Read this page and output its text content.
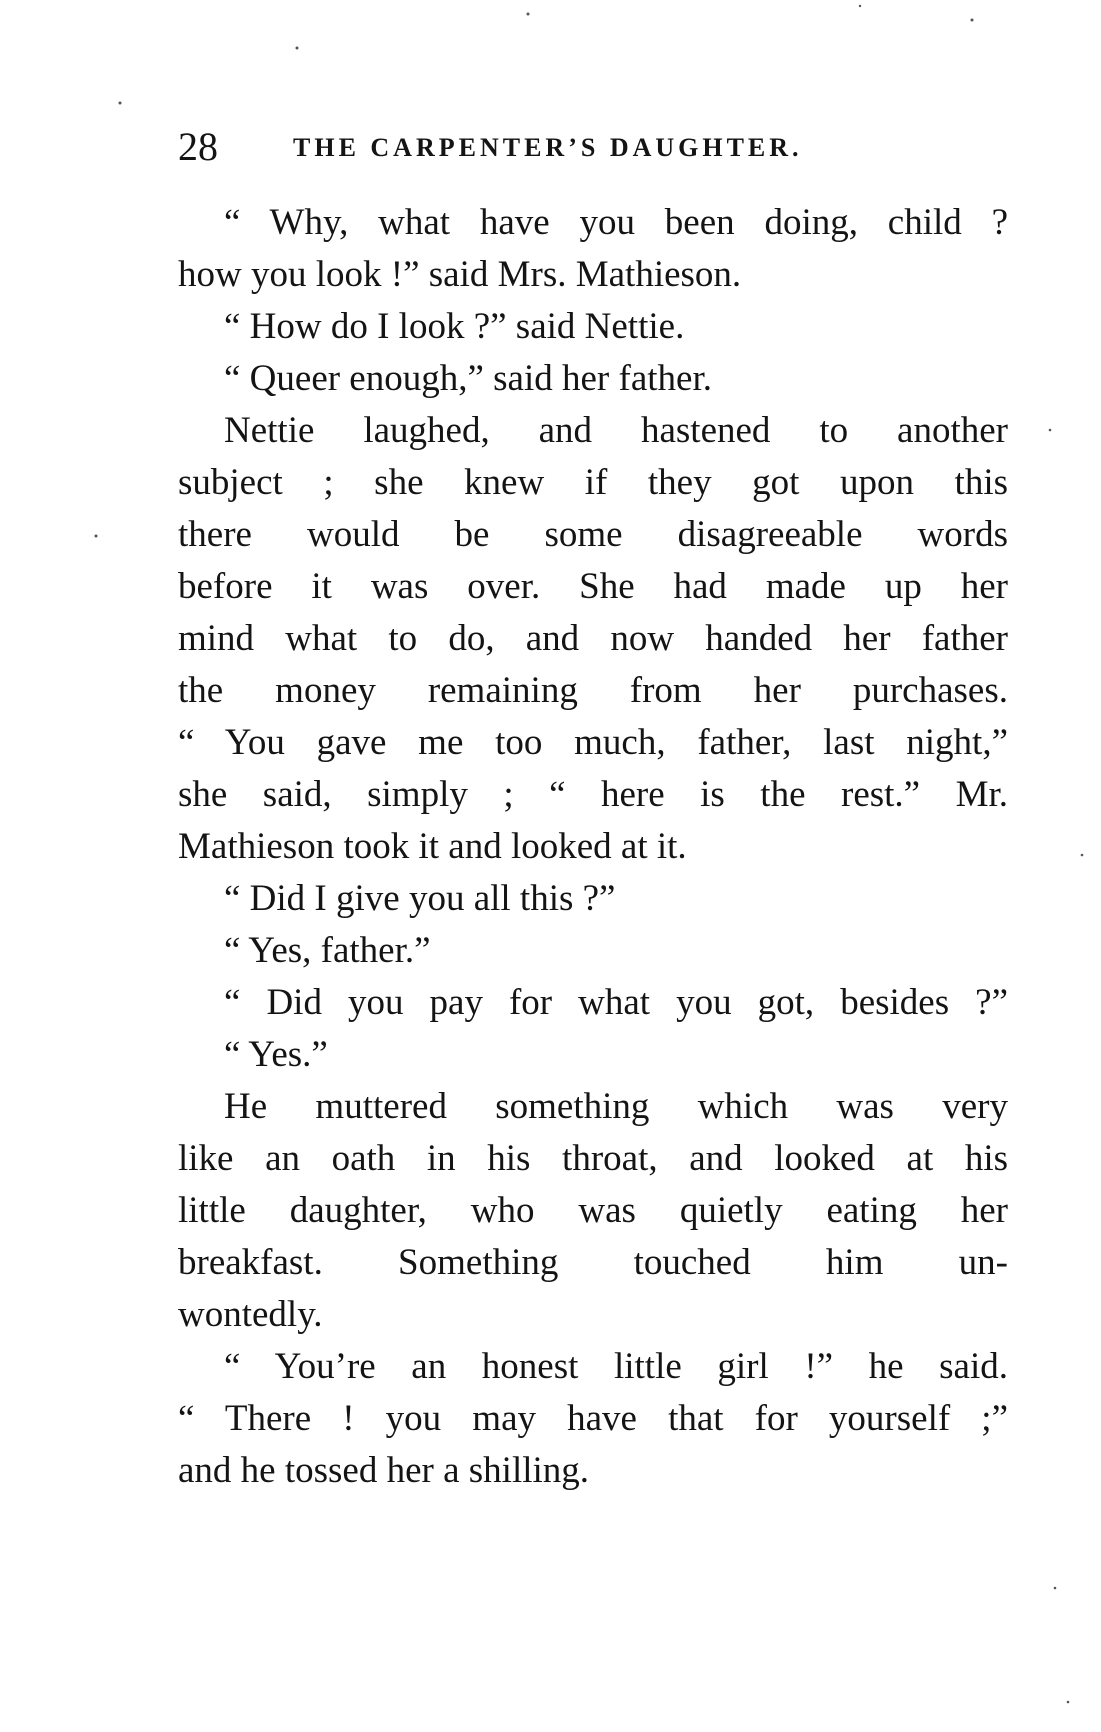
28	THE CARPENTER’S DAUGHTER.
“ Why, what have you been doing, child ?
how you look !” said Mrs. Mathieson.
“ How do I look ?” said Nettie.
“ Queer enough,” said her father.
Nettie laughed, and hastened to another
subject ; she knew if they got upon this
there would be some disagreeable words
before it was over. She had made up her
mind what to do, and now handed her father
the money remaining from her purchases.
“ You gave me too much, father, last night,”
she said, simply ; “ here is the rest.” Mr.
Mathieson took it and looked at it.
“ Did I give you all this ?”
“ Yes, father.”
“ Did you pay for what you got, besides ?”
“ Yes.”
He muttered something which was very
like an oath in his throat, and looked at his
little daughter, who was quietly eating her
breakfast. Something touched him un-
wontedly.
“ You’re an honest little girl !” he said.
“ There ! you may have that for yourself ;”
and he tossed her a shilling.
